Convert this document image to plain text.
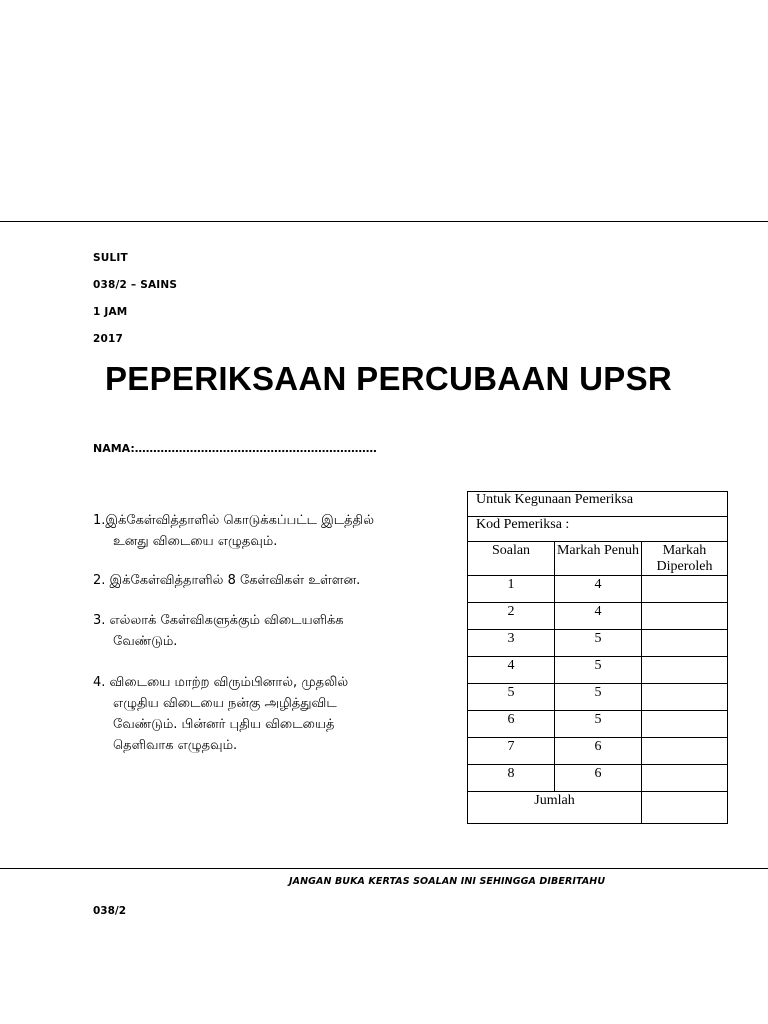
SULIT
038/2 – SAINS
1 JAM
2017
PEPERIKSAAN PERCUBAAN UPSR
NAMA:…………………………………………………………
1.இக்கேள்வித்தாளில் கொடுக்கப்பட்ட இடத்தில்
உனது விடையை எழுதவும்.
2. இக்கேள்வித்தாளில் 8 கேள்விகள் உள்ளன.
3. எல்லாக் கேள்விகளுக்கும் விடையளிக்க
வேண்டும்.
4. விடையை மாற்ற விரும்பினால், முதலில்
எழுதிய விடையை நன்கு அழித்துவிட
வேண்டும். பின்னர் புதிய விடையைத்
தெளிவாக எழுதவும்.
Untuk Kegunaan Pemeriksa		
Kod Pemeriksa :		
Soalan	Markah Penuh	Markah Diperoleh
1	4	
2	4	
3	5	
4	5	
5	5	
6	5	
7	6	
8	6	
Jumlah		
JANGAN BUKA KERTAS SOALAN INI SEHINGGA DIBERITAHU
038/2
